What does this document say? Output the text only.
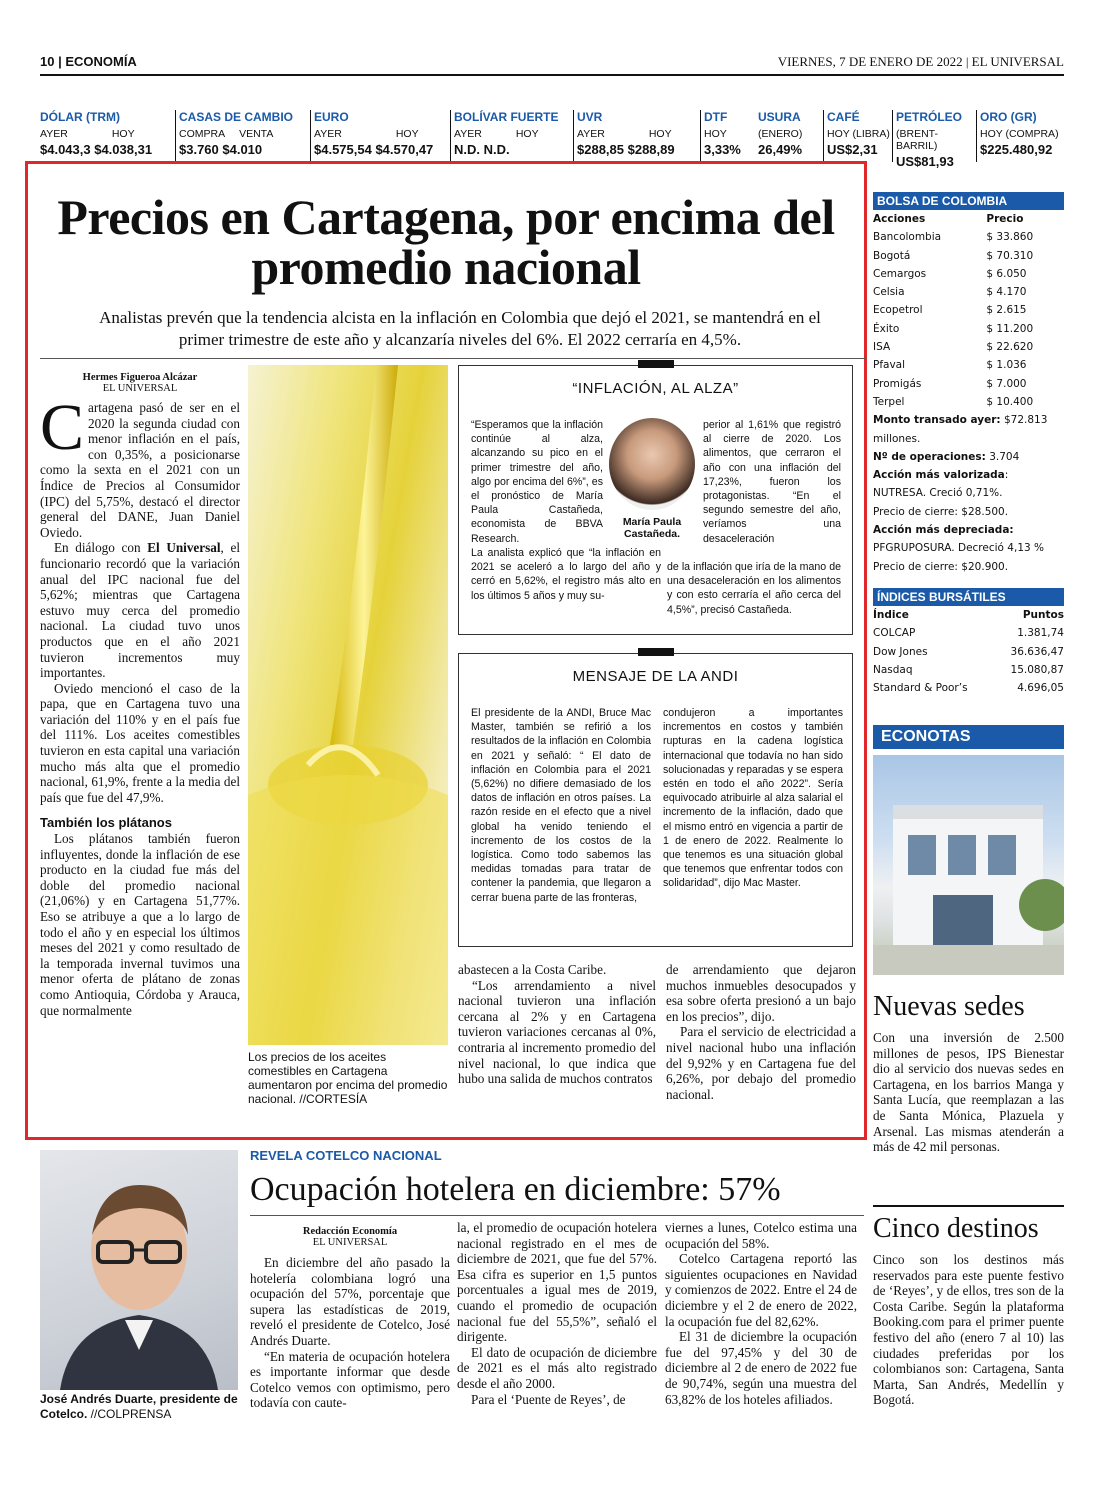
10 | ECONOMÍA	VIERNES, 7 DE ENERO DE 2022 | EL UNIVERSAL
DÓLAR (TRM)
AYER	HOY
$4.043,3 $4.038,31
CASAS DE CAMBIO
COMPRA VENTA
$3.760 $4.010
EURO
AYER	HOY
$4.575,54 $4.570,47
BOLÍVAR FUERTE
AYER	HOY
N.D. N.D.
UVR
AYER	HOY
$288,85 $288,89
DTF
HOY
3,33%
USURA
(ENERO)
26,49%
CAFÉ
HOY (LIBRA)
US$2,31
PETRÓLEO
(BRENT-BARRIL)
US$81,93
ORO (GR)
HOY (COMPRA)
$225.480,92
Precios en Cartagena, por encima del promedio nacional
Analistas prevén que la tendencia alcista en la inflación en Colombia que dejó el 2021, se mantendrá en el primer trimestre de este año y alcanzaría niveles del 6%. El 2022 cerraría en 4,5%.
Hermes Figueroa Alcázar
EL UNIVERSAL

Cartagena pasó de ser en el 2020 la segunda ciudad con menor inflación en el país, con 0,35%, a posicionarse como la sexta en el 2021 con un Índice de Precios al Consumidor (IPC) del 5,75%, destacó el director general del DANE, Juan Daniel Oviedo.

En diálogo con El Universal, el funcionario recordó que la variación anual del IPC nacional fue del 5,62%; mientras que Cartagena estuvo muy cerca del promedio nacional. La ciudad tuvo unos productos que en el año 2021 tuvieron incrementos muy importantes.

Oviedo mencionó el caso de la papa, que en Cartagena tuvo una variación del 110% y en el país fue del 111%. Los aceites comestibles tuvieron en esta capital una variación mucho más alta que el promedio nacional, 61,9%, frente a la media del país que fue del 47,9%.

También los plátanos

Los plátanos también fueron influyentes, donde la inflación de ese producto en la ciudad fue más del doble del promedio nacional (21,06%) y en Cartagena 51,77%. Eso se atribuye a que a lo largo de todo el año y en especial los últimos meses del 2021 y como resultado de la temporada invernal tuvimos una menor oferta de plátano de zonas como Antioquia, Córdoba y Arauca, que normalmente

Los precios de los aceites comestibles en Cartagena aumentaron por encima del promedio nacional. //CORTESÍA
“INFLACIÓN, AL ALZA”
“Esperamos que la inflación continúe al alza, alcanzando su pico en el primer trimestre del año, algo por encima del 6%”, es el pronóstico de María Paula Castañeda, economista de BBVA Research.
María Paula Castañeda.
perior al 1,61% que registró al cierre de 2020. Los alimentos, que cerraron el año con una inflación del 17,23%, fueron los protagonistas. “En el segundo semestre del año, veríamos una desaceleración
La analista explicó que “la inflación en 2021 se aceleró a lo largo del año y cerró en 5,62%, el registro más alto en los últimos 5 años y muy su-
de la inflación que iría de la mano de una desaceleración en los alimentos y con esto cerraría el año cerca del 4,5%”, precisó Castañeda.
MENSAJE DE LA ANDI
El presidente de la ANDI, Bruce Mac Master, también se refirió a los resultados de la inflación en Colombia en 2021 y señaló: “ El dato de inflación en Colombia para el 2021 (5,62%) no difiere demasiado de los datos de inflación en otros países. La razón reside en el efecto que a nivel global ha venido teniendo el incremento de los costos de la logística. Como todo sabemos las medidas tomadas para tratar de contener la pandemia, que llegaron a cerrar buena parte de las fronteras,
condujeron a importantes incrementos en costos y también rupturas en la cadena logística internacional que todavía no han sido solucionadas y reparadas y se espera estén en todo el año 2022”. Sería equivocado atribuirle al alza salarial el incremento de la inflación, dado que el mismo entró en vigencia a partir de 1 de enero de 2022. Realmente lo que tenemos es una situación global que tenemos que enfrentar todos con solidaridad”, dijo Mac Master.

abastecen a la Costa Caribe.

“Los arrendamiento a nivel nacional tuvieron una inflación cercana al 2% y en Cartagena tuvieron variaciones cercanas al 0%, contraria al incremento promedio del nivel nacional, lo que indica que hubo una salida de muchos contratos

de arrendamiento que dejaron muchos inmuebles desocupados y esa sobre oferta presionó a un bajo en los precios”, dijo.

Para el servicio de electricidad a nivel nacional hubo una inflación del 9,92% y en Cartagena fue del 6,26%, por debajo del promedio nacional.

BOLSA DE COLOMBIA
Acciones	Precio
Bancolombia	$ 33.860
Bogotá	$ 70.310
Cemargos	$ 6.050
Celsia	$ 4.170
Ecopetrol	$ 2.615
Éxito	$ 11.200
ISA	$ 22.620
Pfaval	$ 1.036
Promigás	$ 7.000
Terpel	$ 10.400
Monto transado ayer: $72.813 millones.
Nº de operaciones: 3.704
Acción más valorizada:
NUTRESA. Creció 0,71%.
Precio de cierre: $28.500.
Acción más depreciada:
PFGRUPOSURA. Decreció 4,13 %
Precio de cierre: $20.900.
ÍNDICES BURSÁTILES
Índice	Puntos
COLCAP	1.381,74
Dow Jones	36.636,47
Nasdaq	15.080,87
Standard & Poor’s	4.696,05
ECONOTAS
Nuevas sedes
Con una inversión de 2.500 millones de pesos, IPS Bienestar dio al servicio dos nuevas sedes en Cartagena, en los barrios Manga y Santa Lucía, que reemplazan a las de Santa Mónica, Plazuela y Arsenal. Las mismas atenderán a más de 42 mil personas.
Cinco destinos
Cinco son los destinos más reservados para este puente festivo de ‘Reyes’, y de ellos, tres son de la Costa Caribe. Según la plataforma Booking.com para el primer puente festivo del año (enero 7 al 10) las ciudades preferidas por los colombianos son: Cartagena, Santa Marta, San Andrés, Medellín y Bogotá.
José Andrés Duarte, presidente de Cotelco. //COLPRENSA
REVELA COTELCO NACIONAL
Ocupación hotelera en diciembre: 57%
Redacción Economía
EL UNIVERSAL

En diciembre del año pasado la hotelería colombiana logró una ocupación del 57%, porcentaje que supera las estadísticas de 2019, reveló el presidente de Cotelco, José Andrés Duarte.

“En materia de ocupación hotelera es importante informar que desde Cotelco vemos con optimismo, pero todavía con caute-

la, el promedio de ocupación hotelera nacional registrado en el mes de diciembre de 2021, que fue del 57%. Esa cifra es superior en 1,5 puntos porcentuales a igual mes de 2019, cuando el promedio de ocupación nacional fue del 55,5%”, señaló el dirigente.

El dato de ocupación de diciembre de 2021 es el más alto registrado desde el año 2000.

Para el ‘Puente de Reyes’, de

viernes a lunes, Cotelco estima una ocupación del 58%.

Cotelco Cartagena reportó las siguientes ocupaciones en Navidad y comienzos de 2022. Entre el 24 de diciembre y el 2 de enero de 2022, la ocupación fue del 82,62%.

El 31 de diciembre la ocupación fue del 97,45% y del 30 de diciembre al 2 de enero de 2022 fue de 90,74%, según una muestra del 63,82% de los hoteles afiliados.
